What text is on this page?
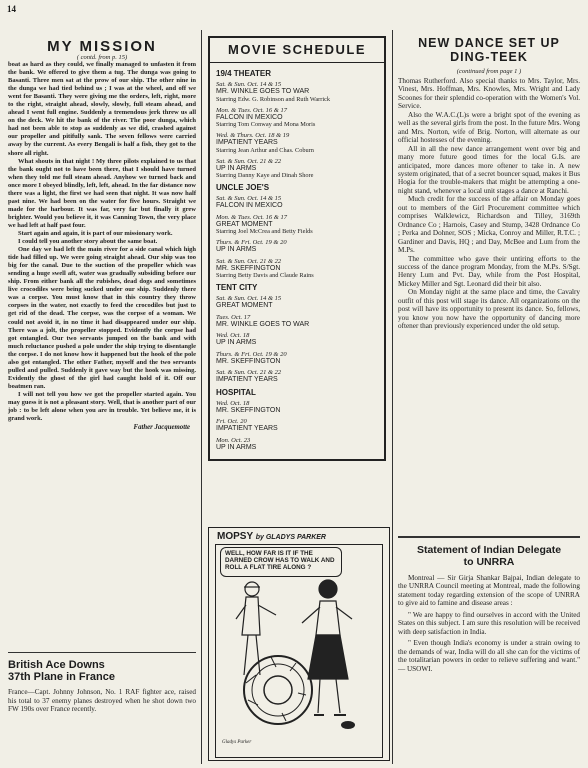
14
MY MISSION
( contd. from p. 15)

boat as hard as they could, we finally managed to unfasten it from the bank. We offered to give them a tug. The dunga was going to Basanti. Three men sat at the prow of our ship. The other nine in the dunga we had tied behind us ; I was at the wheel, and off we went for Basanti. They were giving me the orders, left, right, more to the right, straight ahead, slowly, slowly, full steam ahead, and ahead I went full engine. Suddenly a tremendous jerk threw us all on the deck. We hit the bank of the river. The poor dunga, which had not been able to stop as suddenly as we did, crashed against our propeller and pitifully sank. The seven fellows were carried away by the current. As every Bengali is half a fish, they got to the shore all right.

What shouts in that night ! My three pilots explained to us that the bank ought not to have been there, that I should have turned when they told me full steam ahead. Anyhow we turned back and once more I obeyed blindly, left, left, ahead. In the far distance now there was a light, the first we had seen that night. It was now half past nine. We had been on the water for five hours. Straight we made for the harbour. It was far, very far but finally it grew brighter. Would you believe it, it was Canning Town, the very place we had left at half past four.

Start again and again, it is part of our missionary work.

I could tell you another story about the same boat.

One day we had left the main river for a side canal which high tide had filled up. We were going straight ahead. Our ship was too big for the canal. Due to the suction of the propeller which was sending a huge swell aft, water was gradually subsiding before our ship. From either bank all the rubishes, dead dogs and sometimes live crocodiles were being sucked under our ship. Suddenly there was a corpse. You must know that in this country they throw corpses in the water, not exactly to feed the crocodiles but just to get rid of the dead. The corpse, was the corpse of a woman. We could not avoid it, in no time it had disappeared under our ship. There was a jolt, the propeller stopped. Evidently the corpse had got entangled. Our two servants jumped on the bank and with much reluctance pushed a pole under the ship trying to disentangle the corpse. I do not know how it happened but the hook of the pole also got entangled. The other Father, myself and the two servants pulled and pulled. Suddenly it gave way but the hook was missing. Evidently the ghost of the girl had caught hold of it. Off our boatmen ran.

I will not tell you how we got the propeller started again. You may guess it is not a pleasant story. Well, that is another part of our job : to be left alone when you are in trouble. Yet believe me, it is grand work.

Father Jacquemotte
British Ace Downs
37th Plane in France
France—Capt. Johnny Johnson, No. 1 RAF fighter ace, raised his total to 37 enemy planes destroyed when he shot down two FW 190s over France recently.
MOVIE SCHEDULE
19/4 THEATER
Sat. & Sun. Oct. 14 & 15
MR. WINKLE GOES TO WAR
Starring Edw. G. Robinson and Ruth Warrick
Mon. & Tues. Oct. 16 & 17
FALCON IN MEXICO
Starring Tom Conway and Mona Moris
Wed. & Thurs. Oct. 18 & 19
IMPATIENT YEARS
Starring Jean Arthur and Chas. Coburn
Sat. & Sun. Oct. 21 & 22
UP IN ARMS
Starring Danny Kaye and Dinah Shore
UNCLE JOE'S
Sat. & Sun. Oct. 14 & 15
FALCON IN MEXICO
Mon. & Tues. Oct. 16 & 17
GREAT MOMENT
Starring Joel McCrea and Betty Fields
Thurs. & Fri. Oct. 19 & 20
UP IN ARMS
Sat. & Sun. Oct. 21 & 22
MR. SKEFFINGTON
Starring Betty Davis and Claude Rains
TENT CITY
Sat. & Sun. Oct. 14 & 15
GREAT MOMENT
Tues. Oct. 17
MR. WINKLE GOES TO WAR
Wed. Oct. 18
UP IN ARMS
Thurs. & Fri. Oct. 19 & 20
MR. SKEFFINGTON
Sat. & Sun. Oct. 21 & 22
IMPATIENT YEARS
HOSPITAL
Wed. Oct. 18
MR. SKEFFINGTON
Fri. Oct. 20
IMPATIENT YEARS
Mon. Oct. 23
UP IN ARMS
MOPSY by GLADYS PARKER
WELL, HOW FAR IS IT IF THE DARNED CROW HAS TO WALK AND ROLL A FLAT TIRE ALONG ?
Gladys Parker
NEW DANCE SET UP
DING-TEEK
(continued from page 1 )

Thomas Rutherford. Also special thanks to Mrs. Taylor, Mrs. Vinest, Mrs. Hoffman, Mrs. Knowles, Mrs. Wright and Lady Scoones for their splendid co-operation with the Women's Vol. Service.

Also the W.A.C.(L)s were a bright spot of the evening as well as the several girls from the post. In the future Mrs. Wong and Mrs. Norton, wife of Brig. Norton, will alternate as our official hostesses of the evening.

All in all the new dance arrangement went over big and many more future good times for the local G.Is. are anticipated, more dances more oftener to take in. A new system originated, that of a secret bouncer squad, makes it Bus Hogia for the trouble-makers that might be attempting a one-night stand, whenever a local unit stages a dance at Ranchi.

Much credit for the success of the affair on Monday goes out to members of the Girl Procurement committee which comprises Walklewicz, Richardson and Tilley, 3169th Ordnance Co ; Harnois, Casey and Stump, 3428 Ordnance Co ; Perka and Dohner, SOS ; Micka, Conroy and Miller, R.T.C. ; Gardiner and Davis, HQ ; and Day, McBee and Lum from the M.Ps.

The committee who gave their untiring efforts to the success of the dance program Monday, from the M.Ps. S/Sgt. Henry Lum and Pvt. Day, while from the Post Hospital, Mickey Miller and Sgt. Leonard did their bit also.

On Monday night at the same place and time, the Cavalry outfit of this post will stage its dance. All organizations on the post will have its opportunity to present its dance. So, fellows, you know you now have the opportunity of dancing more oftener than previously experienced under the old setup.

Statement of Indian Delegate
to UNRRA

Montreal — Sir Girja Shankar Bajpai, Indian delegate to the UNRRA Council meeting at Montreal, made the following statement today regarding extension of the scope of UNRRA to give aid to famine and disease areas :

" We are happy to find ourselves in accord with the United States on this subject. I am sure this resolution will be received with deep satisfaction in India.

" Even though India's economy is under a strain owing to the demands of war, India will do all she can for the victims of the totalitarian powers in order to relieve suffering and want." — USOWI.
